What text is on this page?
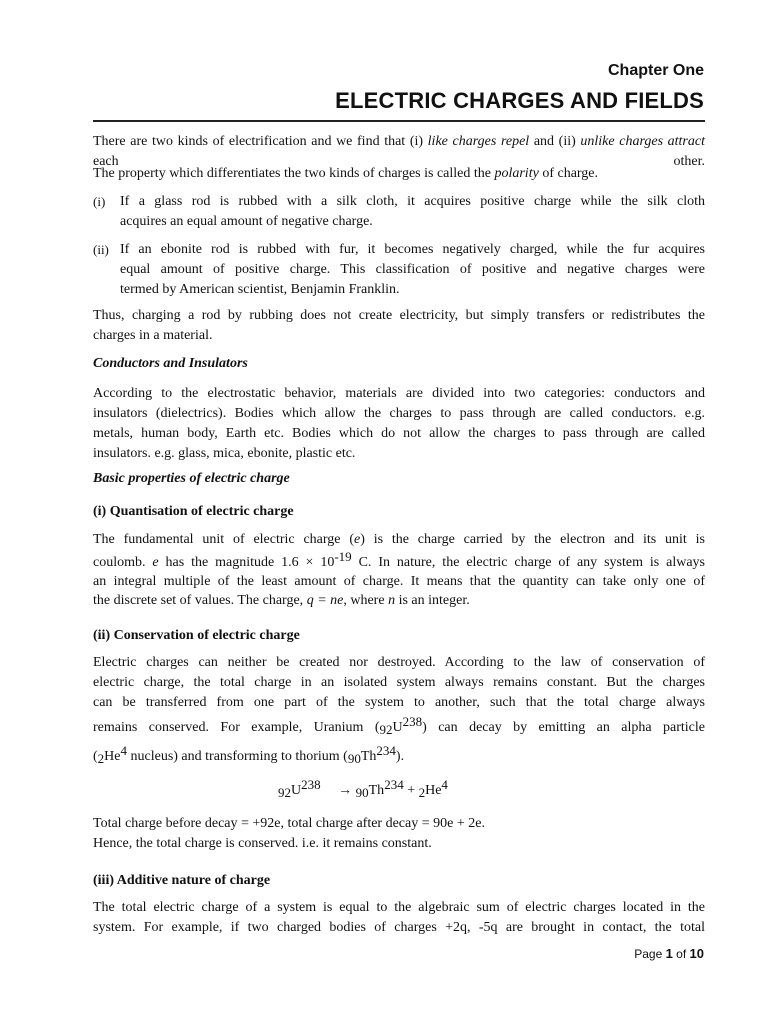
Chapter One
ELECTRIC CHARGES AND FIELDS
There are two kinds of electrification and we find that (i) like charges repel and (ii) unlike charges attract each other.
The property which differentiates the two kinds of charges is called the polarity of charge.
(i) If a glass rod is rubbed with a silk cloth, it acquires positive charge while the silk cloth
acquires an equal amount of negative charge.
(ii) If an ebonite rod is rubbed with fur, it becomes negatively charged, while the fur acquires
equal amount of positive charge. This classification of positive and negative charges were
termed by American scientist, Benjamin Franklin.
Thus, charging a rod by rubbing does not create electricity, but simply transfers or redistributes the
charges in a material.
Conductors and Insulators
According to the electrostatic behavior, materials are divided into two categories: conductors and
insulators (dielectrics). Bodies which allow the charges to pass through are called conductors. e.g.
metals, human body, Earth etc. Bodies which do not allow the charges to pass through are called
insulators. e.g. glass, mica, ebonite, plastic etc.
Basic properties of electric charge
(i) Quantisation of electric charge
The fundamental unit of electric charge (e) is the charge carried by the electron and its unit is
coulomb. e has the magnitude 1.6 × 10-19 C. In nature, the electric charge of any system is always
an integral multiple of the least amount of charge. It means that the quantity can take only one of
the discrete set of values. The charge, q = ne, where n is an integer.
(ii) Conservation of electric charge
Electric charges can neither be created nor destroyed. According to the law of conservation of
electric charge, the total charge in an isolated system always remains constant. But the charges
can be transferred from one part of the system to another, such that the total charge always
remains conserved. For example, Uranium (92U238) can decay by emitting an alpha particle
(2He4 nucleus) and transforming to thorium (90Th234).
92U238 → 90Th234 + 2He4
Total charge before decay = +92e, total charge after decay = 90e + 2e.
Hence, the total charge is conserved. i.e. it remains constant.
(iii) Additive nature of charge
The total electric charge of a system is equal to the algebraic sum of electric charges located in the
system. For example, if two charged bodies of charges +2q, -5q are brought in contact, the total
Page 1 of 10
